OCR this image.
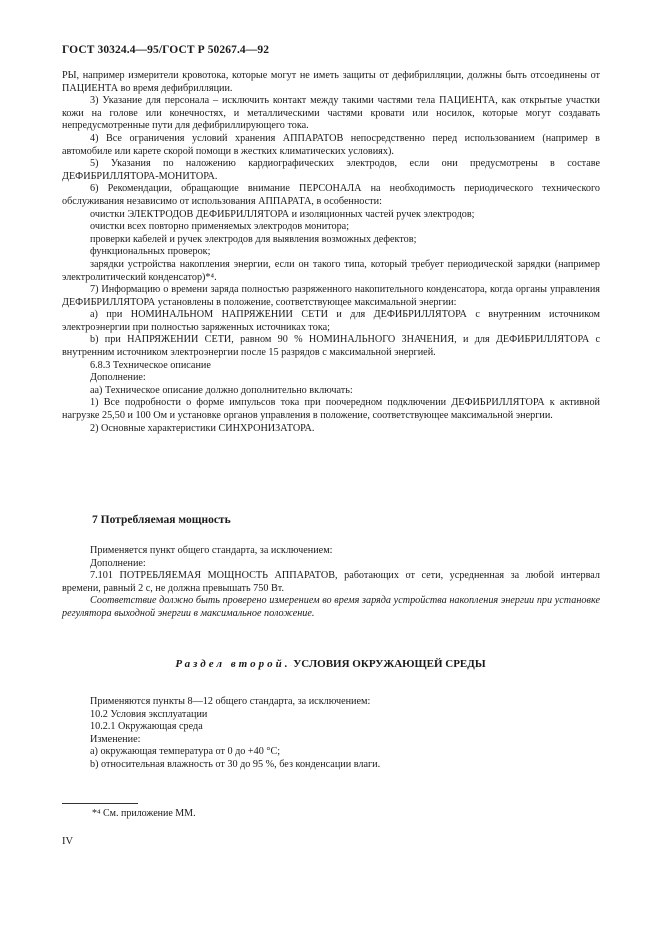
ГОСТ 30324.4—95/ГОСТ Р 50267.4—92

РЫ, например измерители кровотока, которые могут не иметь защиты от дефибрилляции, должны быть отсоединены от ПАЦИЕНТА во время дефибрилляции.

3) Указание для персонала – исключить контакт между такими частями тела ПАЦИЕНТА, как открытые участки кожи на голове или конечностях, и металлическими частями кровати или носилок, которые могут создавать непредусмотренные пути для дефибриллирующего тока.

4) Все ограничения условий хранения АППАРАТОВ непосредственно перед использованием (например в автомобиле или карете скорой помощи в жестких климатических условиях).

5) Указания по наложению кардиографических электродов, если они предусмотрены в составе ДЕФИБРИЛЛЯТОРА-МОНИТОРА.

6) Рекомендации, обращающие внимание ПЕРСОНАЛА на необходимость периодического технического обслуживания независимо от использования АППАРАТА, в особенности:

очистки ЭЛЕКТРОДОВ ДЕФИБРИЛЛЯТОРА и изоляционных частей ручек электродов;

очистки всех повторно применяемых электродов монитора;

проверки кабелей и ручек электродов для выявления возможных дефектов;

функциональных проверок;

зарядки устройства накопления энергии, если он такого типа, который требует периодической зарядки (например электролитический конденсатор)*⁴.

7) Информацию о времени заряда полностью разряженного накопительного конденсатора, когда органы управления ДЕФИБРИЛЛЯТОРА установлены в положение, соответствующее максимальной энергии:

a) при НОМИНАЛЬНОМ НАПРЯЖЕНИИ СЕТИ и для ДЕФИБРИЛЛЯТОРА с внутренним источником электроэнергии при полностью заряженных источниках тока;

b) при НАПРЯЖЕНИИ СЕТИ, равном 90 % НОМИНАЛЬНОГО ЗНАЧЕНИЯ, и для ДЕФИБРИЛЛЯТОРА с внутренним источником электроэнергии после 15 разрядов с максимальной энергией.

6.8.3 Техническое описание

Дополнение:

aa) Техническое описание должно дополнительно включать:

1) Все подробности о форме импульсов тока при поочередном подключении ДЕФИБРИЛЛЯТОРА к активной нагрузке 25,50 и 100 Ом и установке органов управления в положение, соответствующее максимальной энергии.

2) Основные характеристики СИНХРОНИЗАТОРА.

7 Потребляемая мощность

Применяется пункт общего стандарта, за исключением:

Дополнение:

7.101 ПОТРЕБЛЯЕМАЯ МОЩНОСТЬ АППАРАТОВ, работающих от сети, усредненная за любой интервал времени, равный 2 с, не должна превышать 750 Вт.

Соответствие должно быть проверено измерением во время заряда устройства накопления энергии при установке регулятора выходной энергии в максимальное положение.

Раздел второй. УСЛОВИЯ ОКРУЖАЮЩЕЙ СРЕДЫ

Применяются пункты 8—12 общего стандарта, за исключением:

10.2 Условия эксплуатации

10.2.1 Окружающая среда

Изменение:

a) окружающая температура от 0 до +40 °С;

b) относительная влажность от 30 до 95 %, без конденсации влаги.

*⁴ См. приложение ММ.
IV
